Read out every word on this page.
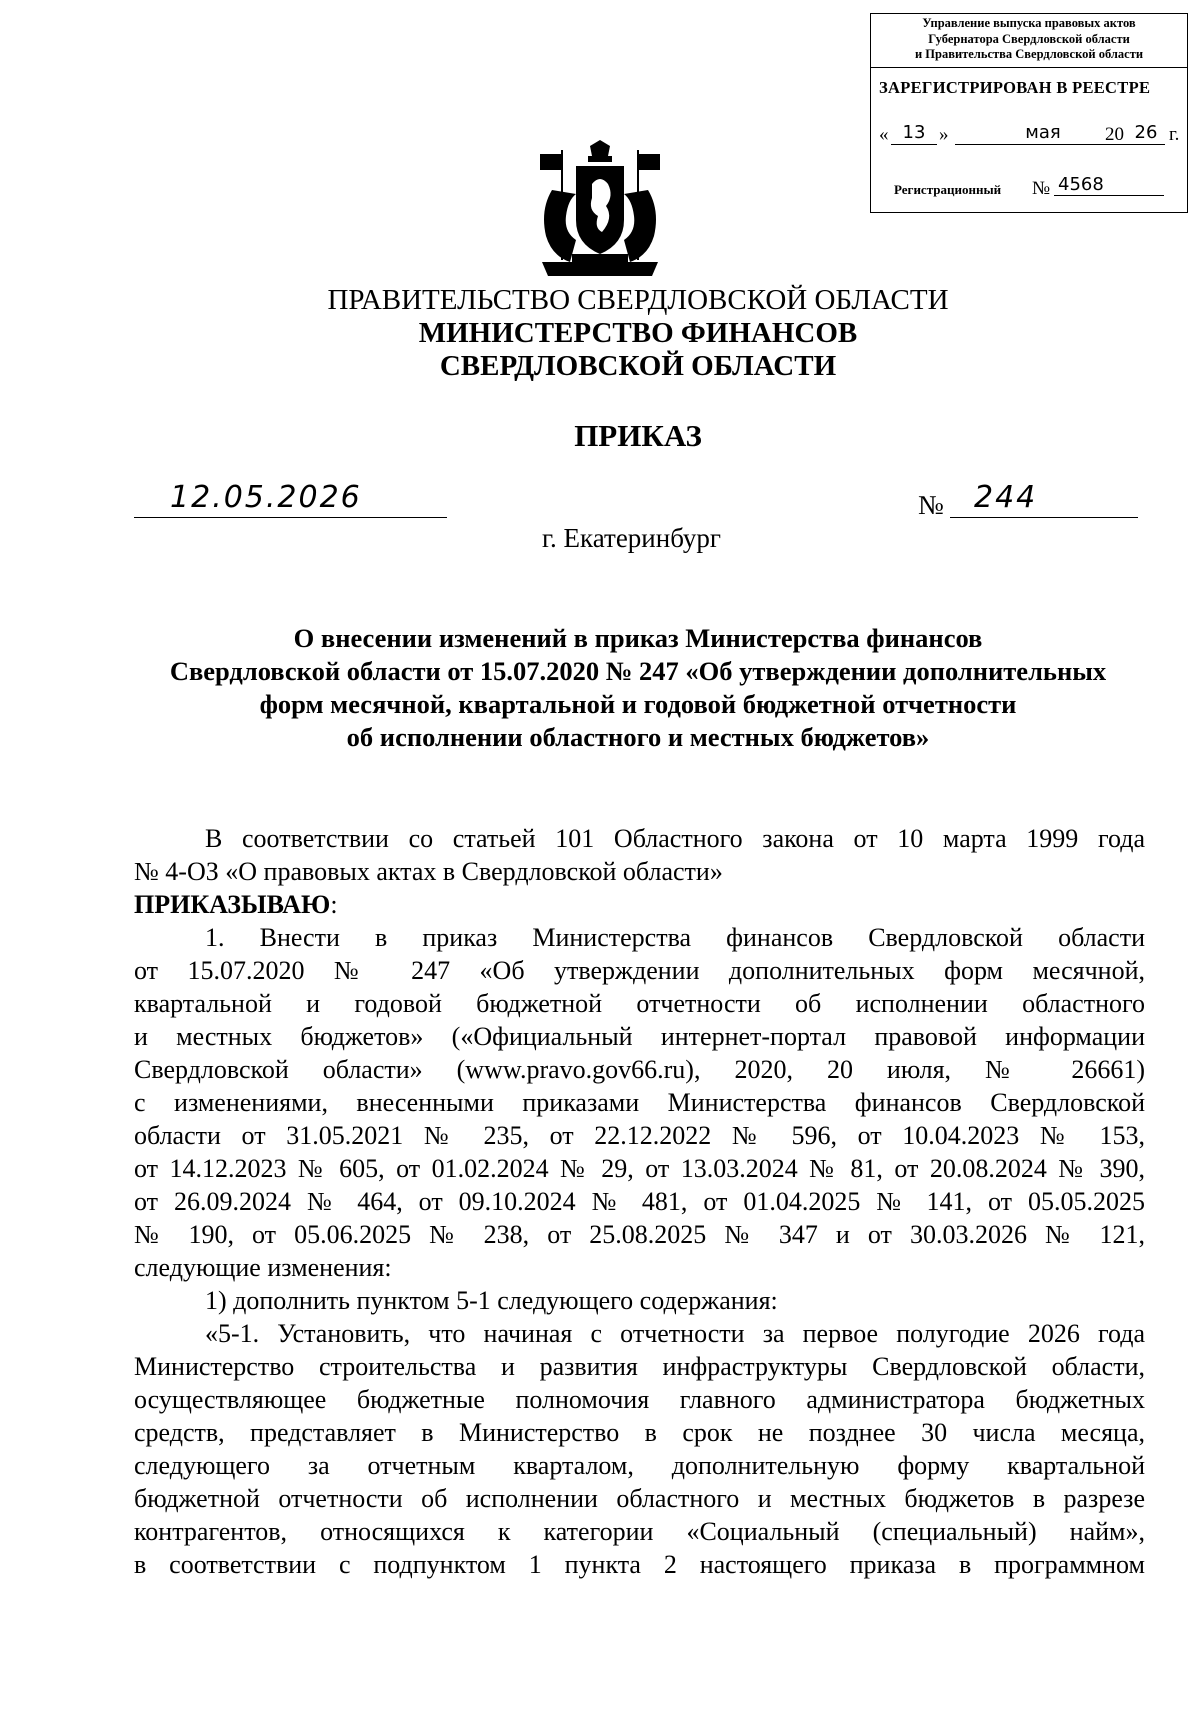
Управление выпуска правовых актов
Губернатора Свердловской области
и Правительства Свердловской области
ЗАРЕГИСТРИРОВАН В РЕЕСТРЕ
« 13 »	мая	20 26 г.
Регистрационный № 4568
ПРАВИТЕЛЬСТВО СВЕРДЛОВСКОЙ ОБЛАСТИ
МИНИСТЕРСТВО ФИНАНСОВ
СВЕРДЛОВСКОЙ ОБЛАСТИ
ПРИКАЗ
12.05.2026	№ 244
г. Екатеринбург
О внесении изменений в приказ Министерства финансов
Свердловской области от 15.07.2020 № 247 «Об утверждении дополнительных
форм месячной, квартальной и годовой бюджетной отчетности
об исполнении областного и местных бюджетов»
В соответствии со статьей 101 Областного закона от 10 марта 1999 года
№ 4-ОЗ «О правовых актах в Свердловской области»
ПРИКАЗЫВАЮ:
1. Внести в приказ Министерства финансов Свердловской области
от 15.07.2020 № 247 «Об утверждении дополнительных форм месячной,
квартальной и годовой бюджетной отчетности об исполнении областного
и местных бюджетов» («Официальный интернет-портал правовой информации
Свердловской области» (www.pravo.gov66.ru), 2020, 20 июля, № 26661)
с изменениями, внесенными приказами Министерства финансов Свердловской
области от 31.05.2021 № 235, от 22.12.2022 № 596, от 10.04.2023 № 153,
от 14.12.2023 № 605, от 01.02.2024 № 29, от 13.03.2024 № 81, от 20.08.2024 № 390,
от 26.09.2024 № 464, от 09.10.2024 № 481, от 01.04.2025 № 141, от 05.05.2025
№ 190, от 05.06.2025 № 238, от 25.08.2025 № 347 и от 30.03.2026 № 121,
следующие изменения:
1) дополнить пунктом 5-1 следующего содержания:
«5-1. Установить, что начиная с отчетности за первое полугодие 2026 года
Министерство строительства и развития инфраструктуры Свердловской области,
осуществляющее бюджетные полномочия главного администратора бюджетных
средств, представляет в Министерство в срок не позднее 30 числа месяца,
следующего за отчетным кварталом, дополнительную форму квартальной
бюджетной отчетности об исполнении областного и местных бюджетов в разрезе
контрагентов, относящихся к категории «Социальный (специальный) найм»,
в соответствии с подпунктом 1 пункта 2 настоящего приказа в программном
